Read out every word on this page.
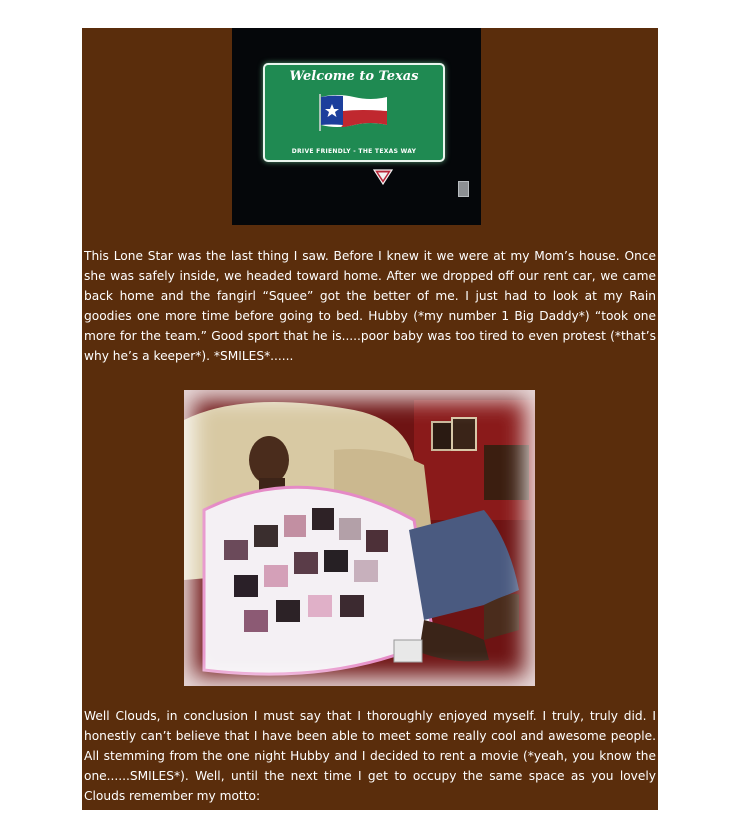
Welcome to Texas
DRIVE FRIENDLY - THE TEXAS WAY

This Lone Star was the last thing I saw. Before I knew it we were at my Mom’s house. Once she was safely inside, we headed toward home. After we dropped off our rent car, we came back home and the fangirl “Squee” got the better of me. I just had to look at my Rain goodies one more time before going to bed. Hubby (*my number 1 Big Daddy*) “took one more for the team.” Good sport that he is.....poor baby was too tired to even protest (*that’s why he’s a keeper*). *SMILES*......

Well Clouds, in conclusion I must say that I thoroughly enjoyed myself. I truly, truly did. I honestly can’t believe that I have been able to meet some really cool and awesome people. All stemming from the one night Hubby and I decided to rent a movie (*yeah, you know the one......SMILES*). Well, until the next time I get to occupy the same space as you lovely Clouds remember my motto:
